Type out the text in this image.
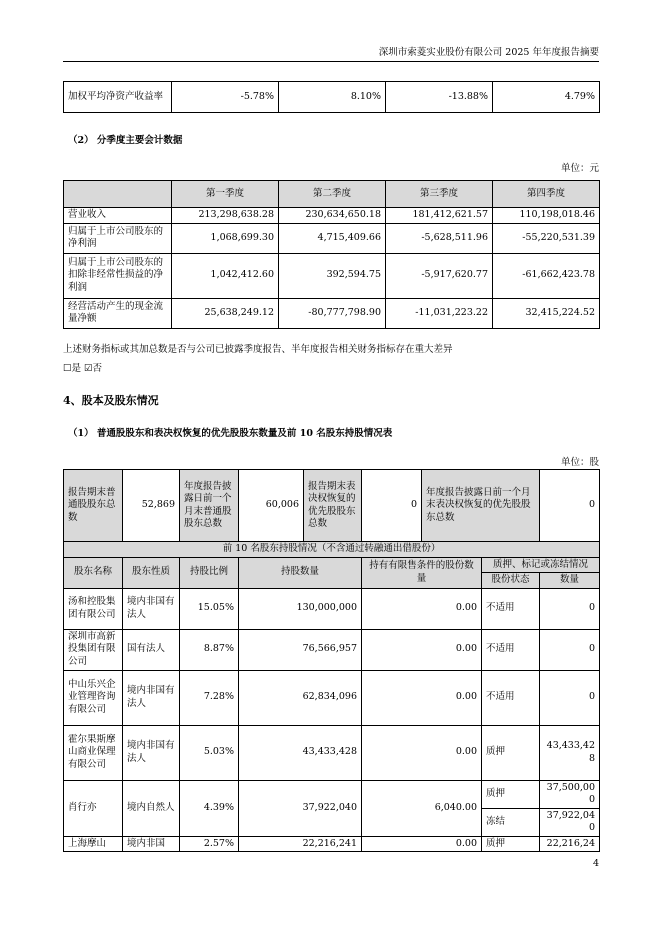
深圳市索菱实业股份有限公司 2025 年年度报告摘要
加权平均净资产收益率	-5.78%	8.10%	-13.88%	4.79%
（2） 分季度主要会计数据
单位：元
	第一季度	第二季度	第三季度	第四季度
营业收入	213,298,638.28	230,634,650.18	181,412,621.57	110,198,018.46
归属于上市公司股东的净利润	1,068,699.30	4,715,409.66	-5,628,511.96	-55,220,531.39
归属于上市公司股东的扣除非经常性损益的净利润	1,042,412.60	392,594.75	-5,917,620.77	-61,662,423.78
经营活动产生的现金流量净额	25,638,249.12	-80,777,798.90	-11,031,223.22	32,415,224.52
上述财务指标或其加总数是否与公司已披露季度报告、半年度报告相关财务指标存在重大差异
☐是 ☑否
4、股本及股东情况
（1） 普通股股东和表决权恢复的优先股股东数量及前 10 名股东持股情况表
单位：股
报告期末普通股股东总数	52,869	年度报告披露日前一个月末普通股股东总数	60,006	报告期末表决权恢复的优先股股东总数	0	年度报告披露日前一个月末表决权恢复的优先股股东总数		0
前 10 名股东持股情况（不含通过转融通出借股份）								
股东名称	股东性质	持股比例	持股数量		持有有限售条件的股份数量		质押、标记或冻结情况	
							股份状态	数量
汤和控股集团有限公司	境内非国有法人	15.05%	130,000,000		0.00		不适用	0
深圳市高新投集团有限公司	国有法人	8.87%	76,566,957		0.00		不适用	0
中山乐兴企业管理咨询有限公司	境内非国有法人	7.28%	62,834,096		0.00		不适用	0
霍尔果斯摩山商业保理有限公司	境内非国有法人	5.03%	43,433,428		0.00		质押	43,433,428
肖行亦	境内自然人	4.39%	37,922,040		6,040.00		质押	37,500,000
							冻结	37,922,040
上海摩山	境内非国	2.57%	22,216,241		0.00		质押	22,216,24
4
